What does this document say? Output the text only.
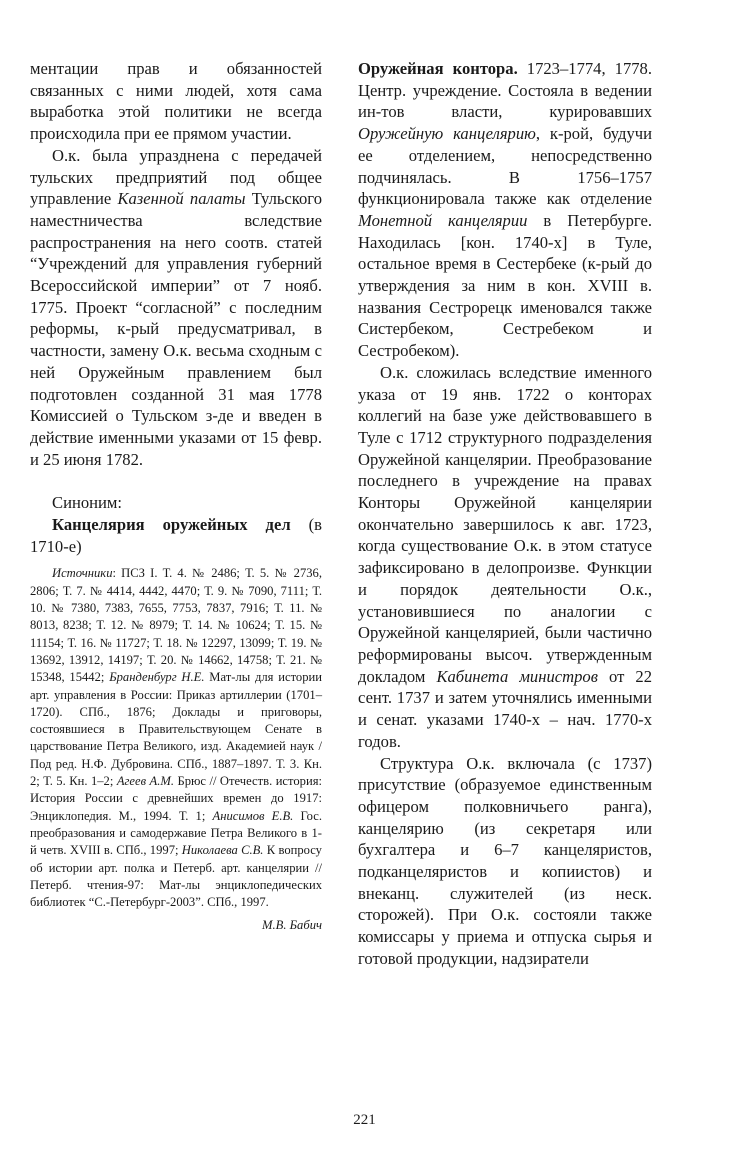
ментации прав и обязанностей связанных с ними людей, хотя сама выработка этой политики не всегда происходила при ее прямом участии.

О.к. была упразднена с передачей тульских предприятий под общее управление Казенной палаты Тульского наместничества вследствие распространения на него соотв. статей “Учреждений для управления губерний Всероссийской империи” от 7 нояб. 1775. Проект “согласной” с последним реформы, к-рый предусматривал, в частности, замену О.к. весьма сходным с ней Оружейным правлением был подготовлен созданной 31 мая 1778 Комиссией о Тульском з-де и введен в действие именными указами от 15 февр. и 25 июня 1782.

Синоним:

Канцелярия оружейных дел (в 1710-е)

Источники: ПСЗ I. Т. 4. № 2486; Т. 5. № 2736, 2806; Т. 7. № 4414, 4442, 4470; Т. 9. № 7090, 7111; Т. 10. № 7380, 7383, 7655, 7753, 7837, 7916; Т. 11. № 8013, 8238; Т. 12. № 8979; Т. 14. № 10624; Т. 15. № 11154; Т. 16. № 11727; Т. 18. № 12297, 13099; Т. 19. № 13692, 13912, 14197; Т. 20. № 14662, 14758; Т. 21. № 15348, 15442; Бранденбург Н.Е. Мат-лы для истории арт. управления в России: Приказ артиллерии (1701– 1720). СПб., 1876; Доклады и приговоры, состоявшиеся в Правительствующем Сенате в царствование Петра Великого, изд. Академией наук / Под ред. Н.Ф. Дубровина. СПб., 1887–1897. Т. 3. Кн. 2; Т. 5. Кн. 1–2; Агеев А.М. Брюс // Отечеств. история: История России с древнейших времен до 1917: Энциклопедия. М., 1994. Т. 1; Анисимов Е.В. Гос. преобразования и самодержавие Петра Великого в 1-й четв. XVIII в. СПб., 1997; Николаева С.В. К вопросу об истории арт. полка и Петерб. арт. канцелярии // Петерб. чтения-97: Мат-лы энциклопедических библиотек “С.-Петербург-2003”. СПб., 1997.

М.В. Бабич

Оружейная контора. 1723–1774, 1778. Центр. учреждение. Состояла в ведении ин-тов власти, курировавших Оружейную канцелярию, к-рой, будучи ее отделением, непосредственно подчинялась. В 1756–1757 функционировала также как отделение Монетной канцелярии в Петербурге. Находилась [кон. 1740-х] в Туле, остальное время в Сестербеке (к-рый до утверждения за ним в кон. XVIII в. названия Сестрорецк именовался также Систербеком, Сестребеком и Сестробеком).

О.к. сложилась вследствие именного указа от 19 янв. 1722 о конторах коллегий на базе уже действовавшего в Туле с 1712 структурного подразделения Оружейной канцелярии. Преобразование последнего в учреждение на правах Конторы Оружейной канцелярии окончательно завершилось к авг. 1723, когда существование О.к. в этом статусе зафиксировано в делопроизве. Функции и порядок деятельности О.к., установившиеся по аналогии с Оружейной канцелярией, были частично реформированы высоч. утвержденным докладом Кабинета министров от 22 сент. 1737 и затем уточнялись именными и сенат. указами 1740-х – нач. 1770-х годов.

Структура О.к. включала (с 1737) присутствие (образуемое единственным офицером полковничьего ранга), канцелярию (из секретаря или бухгалтера и 6–7 канцеляристов, подканцеляристов и копиистов) и внеканц. служителей (из неск. сторожей). При О.к. состояли также комиссары у приема и отпуска сырья и готовой продукции, надзиратели

221
